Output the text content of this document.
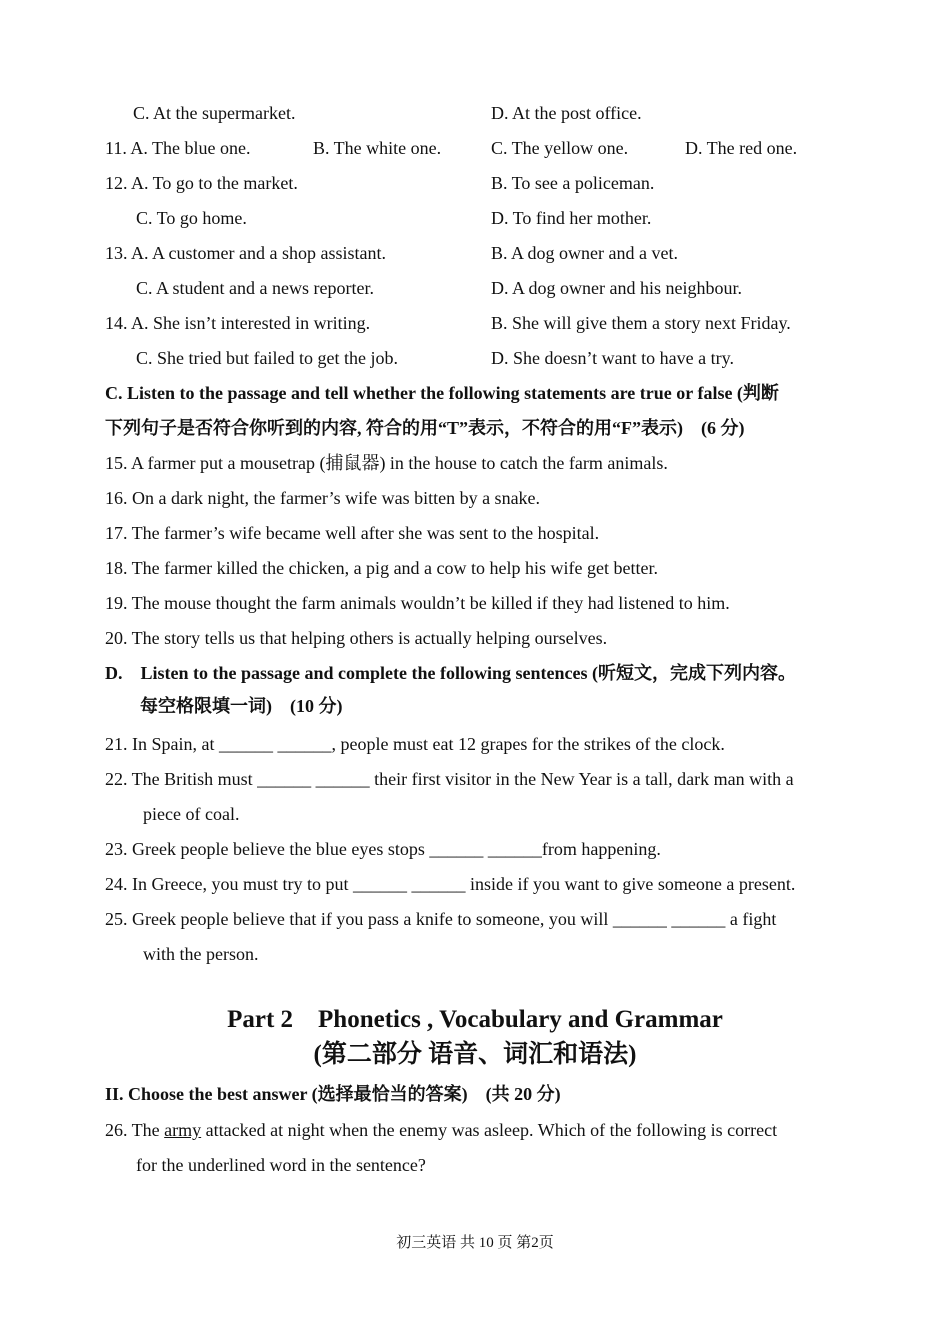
C. At the supermarket.	D. At the post office.
11. A. The blue one.	B. The white one.	C. The yellow one.	D. The red one.
12. A. To go to the market.	B. To see a policeman.
C. To go home.	D. To find her mother.
13. A. A customer and a shop assistant.	B. A dog owner and a vet.
C. A student and a news reporter.	D. A dog owner and his neighbour.
14. A. She isn’t interested in writing.	B. She will give them a story next Friday.
C. She tried but failed to get the job.	D. She doesn’t want to have a try.
C. Listen to the passage and tell whether the following statements are true or false (判断
下列句子是否符合你听到的内容, 符合的用“T”表示，不符合的用“F”表示)　(6 分)
15. A farmer put a mousetrap (捕鼠器) in the house to catch the farm animals.
16. On a dark night, the farmer’s wife was bitten by a snake.
17. The farmer’s wife became well after she was sent to the hospital.
18. The farmer killed the chicken, a pig and a cow to help his wife get better.
19. The mouse thought the farm animals wouldn’t be killed if they had listened to him.
20. The story tells us that helping others is actually helping ourselves.
D.　Listen to the passage and complete the following sentences (听短文，完成下列内容。
每空格限填一词)　(10 分)
21. In Spain, at ______ ______, people must eat 12 grapes for the strikes of the clock.
22. The British must ______ ______ their first visitor in the New Year is a tall, dark man with a
piece of coal.
23. Greek people believe the blue eyes stops ______ ______from happening.
24. In Greece, you must try to put ______ ______ inside if you want to give someone a present.
25. Greek people believe that if you pass a knife to someone, you will ______ ______ a fight
with the person.
Part 2　Phonetics , Vocabulary and Grammar
(第二部分 语音、词汇和语法)
II. Choose the best answer (选择最恰当的答案)　(共 20 分)
26. The army attacked at night when the enemy was asleep. Which of the following is correct
for the underlined word in the sentence?
初三英语 共 10 页 第2页
